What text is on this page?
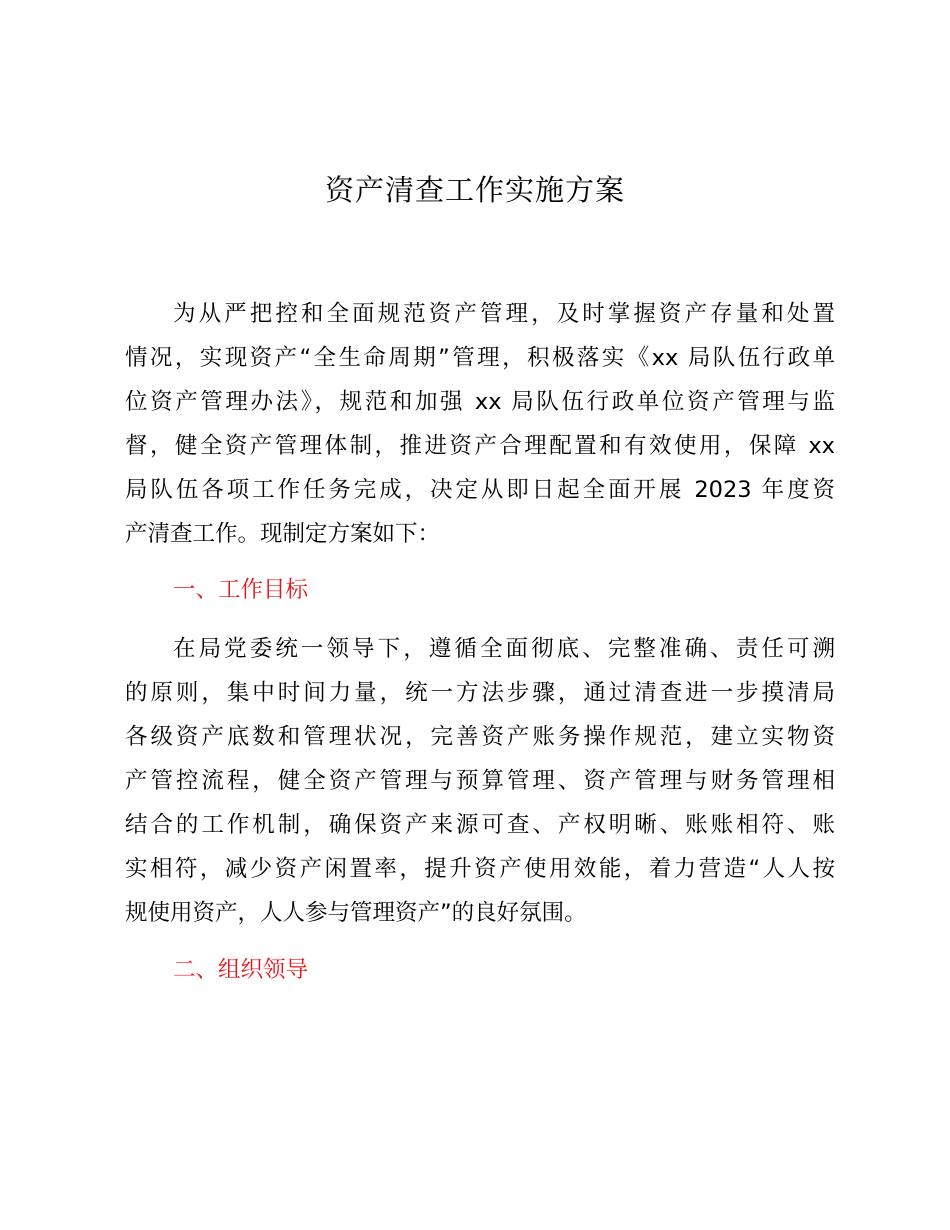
资产清查工作实施方案
为从严把控和全面规范资产管理，及时掌握资产存量和处置
情况，实现资产“全生命周期”管理，积极落实《xx 局队伍行政单
位资产管理办法》，规范和加强 xx 局队伍行政单位资产管理与监
督，健全资产管理体制，推进资产合理配置和有效使用，保障 xx
局队伍各项工作任务完成，决定从即日起全面开展 2023 年度资
产清查工作。现制定方案如下：
一、工作目标
在局党委统一领导下，遵循全面彻底、完整准确、责任可溯
的原则，集中时间力量，统一方法步骤，通过清查进一步摸清局
各级资产底数和管理状况，完善资产账务操作规范，建立实物资
产管控流程，健全资产管理与预算管理、资产管理与财务管理相
结合的工作机制，确保资产来源可查、产权明晰、账账相符、账
实相符，减少资产闲置率，提升资产使用效能，着力营造“人人按
规使用资产，人人参与管理资产”的良好氛围。
二、组织领导
